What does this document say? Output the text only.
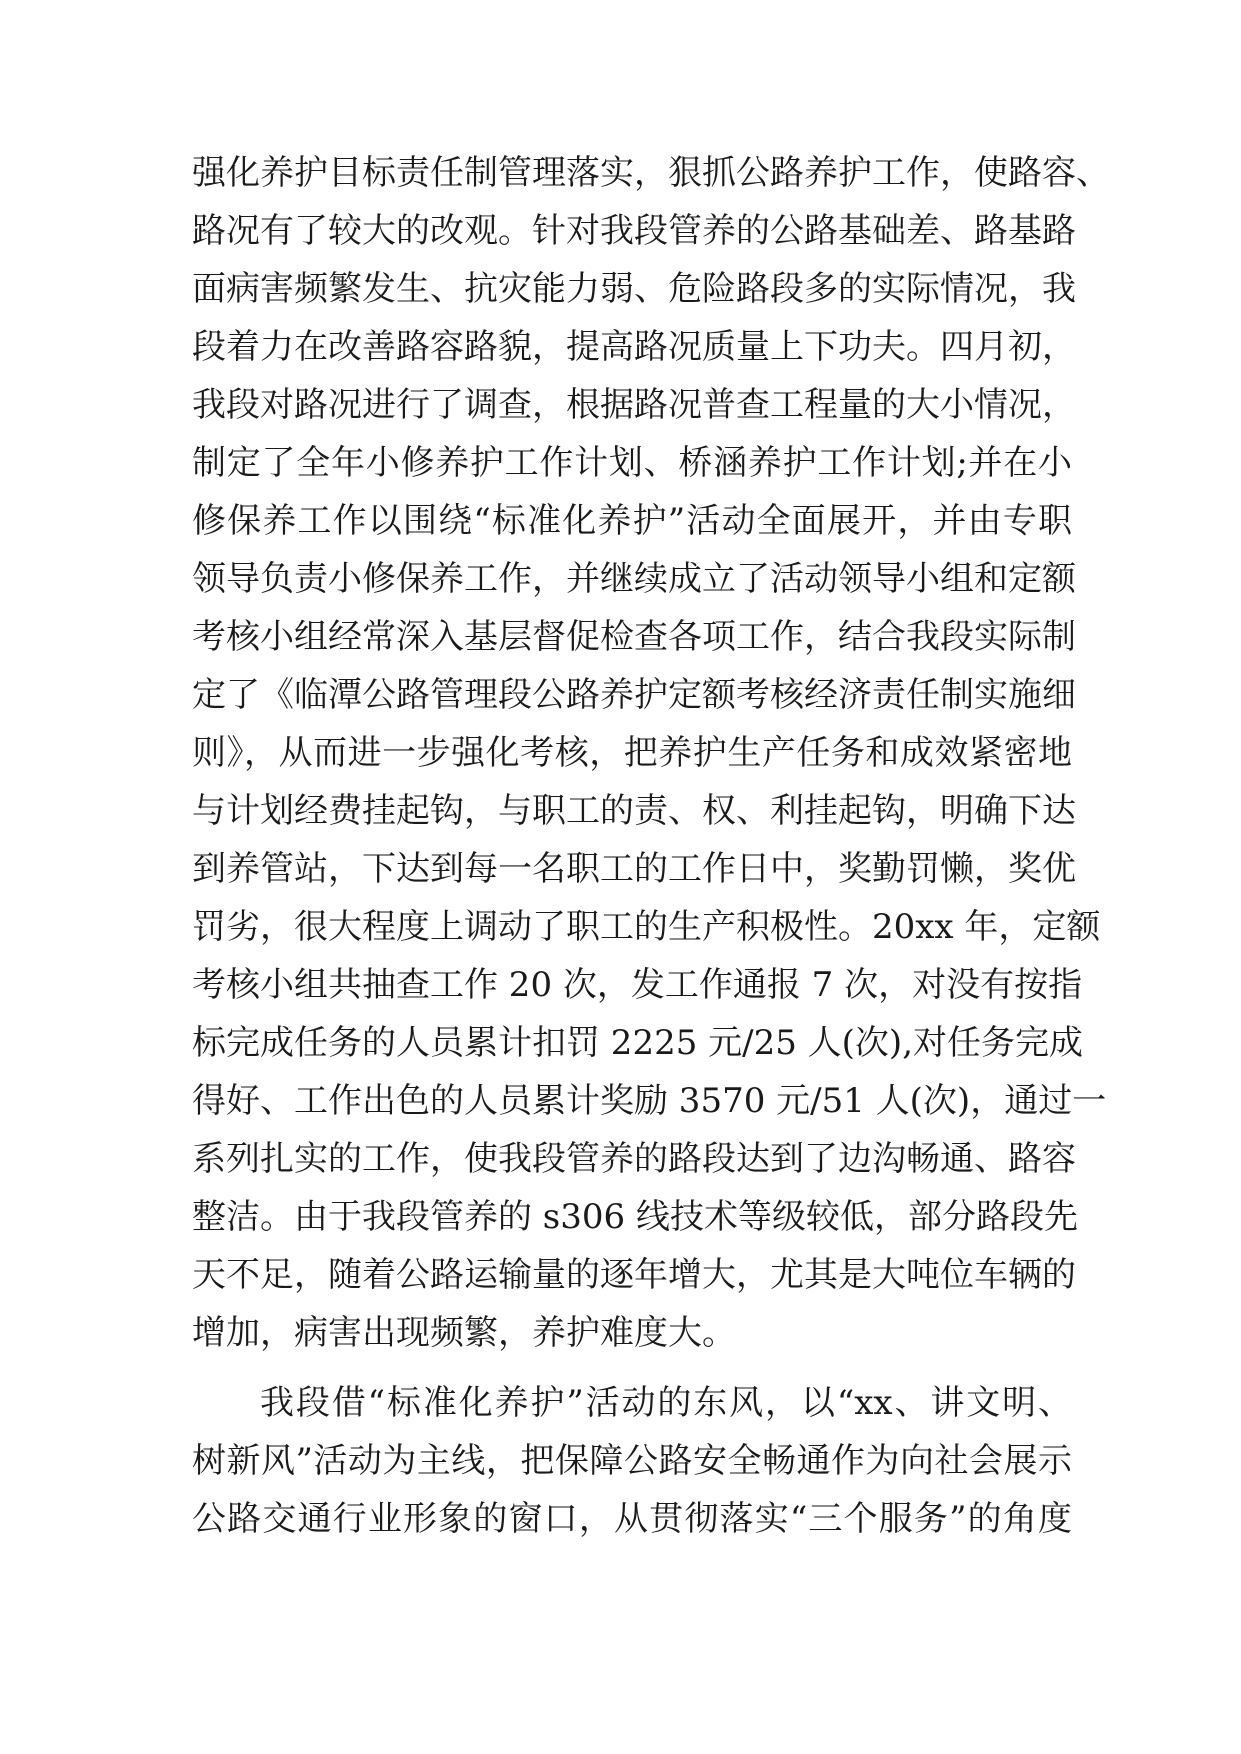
强化养护目标责任制管理落实，狠抓公路养护工作，使路容、
路况有了较大的改观。针对我段管养的公路基础差、路基路
面病害频繁发生、抗灾能力弱、危险路段多的实际情况，我
段着力在改善路容路貌，提高路况质量上下功夫。四月初，
我段对路况进行了调查，根据路况普查工程量的大小情况，
制定了全年小修养护工作计划、桥涵养护工作计划;并在小
修保养工作以围绕“标准化养护”活动全面展开，并由专职
领导负责小修保养工作，并继续成立了活动领导小组和定额
考核小组经常深入基层督促检查各项工作，结合我段实际制
定了《临潭公路管理段公路养护定额考核经济责任制实施细
则》，从而进一步强化考核，把养护生产任务和成效紧密地
与计划经费挂起钩，与职工的责、权、利挂起钩，明确下达
到养管站，下达到每一名职工的工作日中，奖勤罚懒，奖优
罚劣，很大程度上调动了职工的生产积极性。20xx 年，定额
考核小组共抽查工作 20 次，发工作通报 7 次，对没有按指
标完成任务的人员累计扣罚 2225 元/25 人(次),对任务完成
得好、工作出色的人员累计奖励 3570 元/51 人(次)，通过一
系列扎实的工作，使我段管养的路段达到了边沟畅通、路容
整洁。由于我段管养的 s306 线技术等级较低，部分路段先
天不足，随着公路运输量的逐年增大，尤其是大吨位车辆的
增加，病害出现频繁，养护难度大。
我段借“标准化养护”活动的东风，以“xx、讲文明、
树新风”活动为主线，把保障公路安全畅通作为向社会展示
公路交通行业形象的窗口，从贯彻落实“三个服务”的角度
